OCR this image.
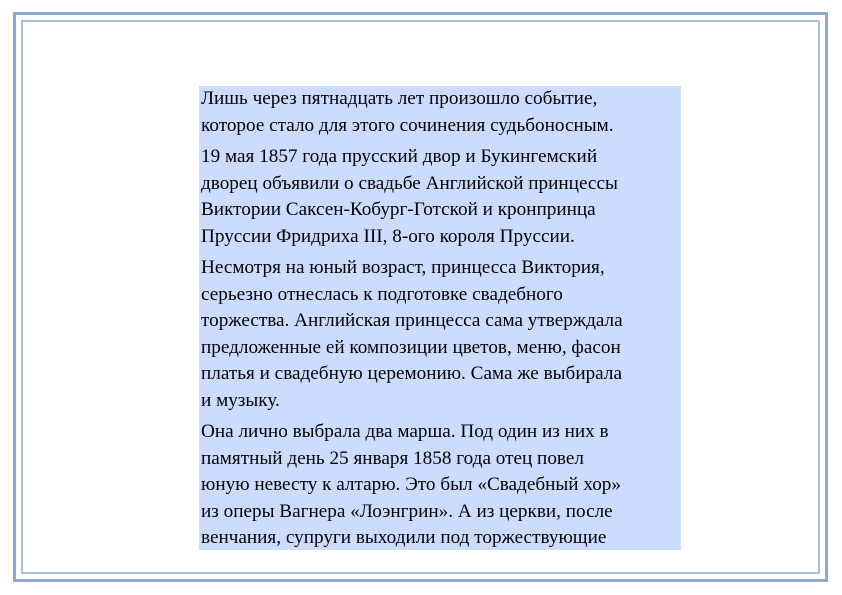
Лишь через пятнадцать лет произошло событие,
которое стало для этого сочинения судьбоносным.

19 мая 1857 года прусский двор и Букингемский
дворец объявили о свадьбе Английской принцессы
Виктории Саксен-Кобург-Готской и кронпринца
Пруссии Фридриха III, 8-ого короля Пруссии.

Несмотря на юный возраст, принцесса Виктория,
серьезно отнеслась к подготовке свадебного
торжества. Английская принцесса сама утверждала
предложенные ей композиции цветов, меню, фасон
платья и свадебную церемонию. Сама же выбирала
и музыку.

Она лично выбрала два марша. Под один из них в
памятный день 25 января 1858 года отец повел
юную невесту к алтарю. Это был «Свадебный хор»
из оперы Вагнера «Лоэнгрин». А из церкви, после
венчания, супруги выходили под торжествующие
